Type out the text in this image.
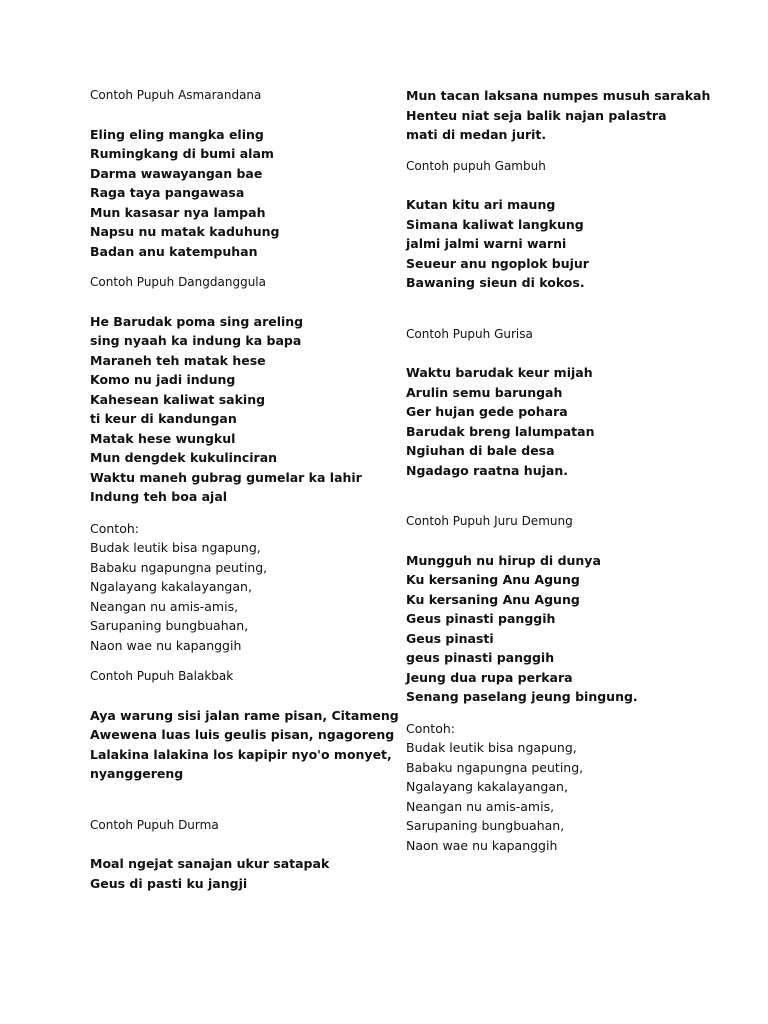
Contoh Pupuh Asmarandana
Eling eling mangka eling
Rumingkang di bumi alam
Darma wawayangan bae
Raga taya pangawasa
Mun kasasar nya lampah
Napsu nu matak kaduhung
Badan anu katempuhan
Contoh Pupuh Dangdanggula
He Barudak poma sing areling
sing nyaah ka indung ka bapa
Maraneh teh matak hese
Komo nu jadi indung
Kahesean kaliwat saking
ti keur di kandungan
Matak hese wungkul
Mun dengdek kukulinciran
Waktu maneh gubrag gumelar ka lahir
Indung teh boa ajal
Contoh:
Budak leutik bisa ngapung,
Babaku ngapungna peuting,
Ngalayang kakalayangan,
Neangan nu amis-amis,
Sarupaning bungbuahan,
Naon wae nu kapanggih
Contoh Pupuh Balakbak
Aya warung sisi jalan rame pisan, Citameng
Awewena luas luis geulis pisan, ngagoreng
Lalakina lalakina los kapipir nyo'o monyet,
nyanggereng
Contoh Pupuh Durma
Moal ngejat sanajan ukur satapak
Geus di pasti ku jangji
Mun tacan laksana numpes musuh sarakah
Henteu niat seja balik najan palastra
mati di medan jurit.
Contoh pupuh Gambuh
Kutan kitu ari maung
Simana kaliwat langkung
jalmi jalmi warni warni
Seueur anu ngoplok bujur
Bawaning sieun di kokos.
Contoh Pupuh Gurisa
Waktu barudak keur mijah
Arulin semu barungah
Ger hujan gede pohara
Barudak breng lalumpatan
Ngiuhan di bale desa
Ngadago raatna hujan.
Contoh Pupuh Juru Demung
Mungguh nu hirup di dunya
Ku kersaning Anu Agung
Ku kersaning Anu Agung
Geus pinasti panggih
Geus pinasti
geus pinasti panggih
Jeung dua rupa perkara
Senang paselang jeung bingung.
Contoh:
Budak leutik bisa ngapung,
Babaku ngapungna peuting,
Ngalayang kakalayangan,
Neangan nu amis-amis,
Sarupaning bungbuahan,
Naon wae nu kapanggih
